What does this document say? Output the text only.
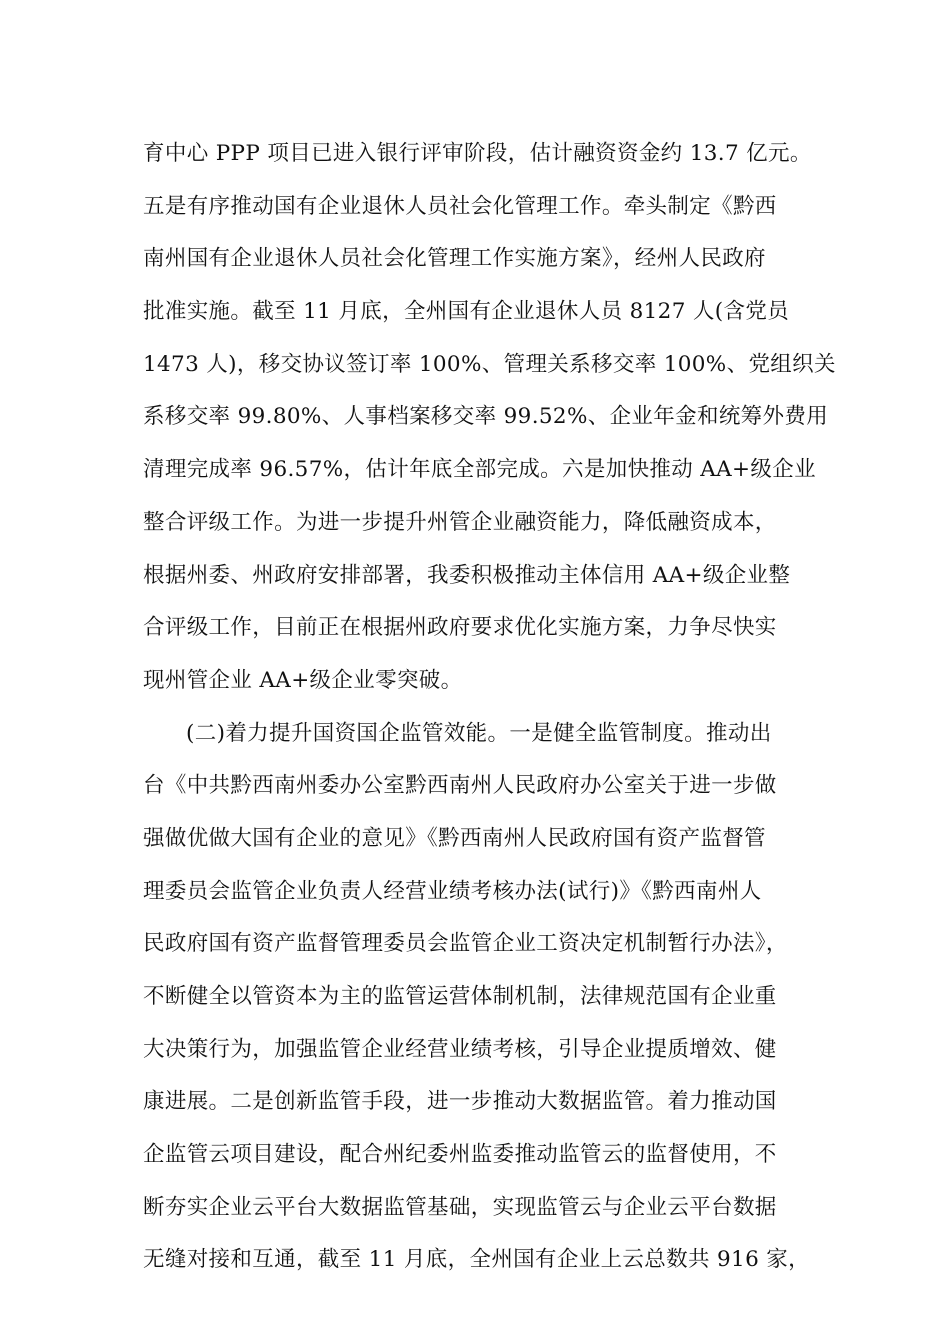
育中心 PPP 项目已进入银行评审阶段，估计融资资金约 13.7 亿元。
五是有序推动国有企业退休人员社会化管理工作。牵头制定《黔西
南州国有企业退休人员社会化管理工作实施方案》，经州人民政府
批准实施。截至 11 月底，全州国有企业退休人员 8127 人(含党员
1473 人)，移交协议签订率 100%、管理关系移交率 100%、党组织关
系移交率 99.80%、人事档案移交率 99.52%、企业年金和统筹外费用
清理完成率 96.57%，估计年底全部完成。六是加快推动 AA+级企业
整合评级工作。为进一步提升州管企业融资能力，降低融资成本，
根据州委、州政府安排部署，我委积极推动主体信用 AA+级企业整
合评级工作，目前正在根据州政府要求优化实施方案，力争尽快实
现州管企业 AA+级企业零突破。
(二)着力提升国资国企监管效能。一是健全监管制度。推动出
台《中共黔西南州委办公室黔西南州人民政府办公室关于进一步做
强做优做大国有企业的意见》《黔西南州人民政府国有资产监督管
理委员会监管企业负责人经营业绩考核办法(试行)》《黔西南州人
民政府国有资产监督管理委员会监管企业工资决定机制暂行办法》，
不断健全以管资本为主的监管运营体制机制，法律规范国有企业重
大决策行为，加强监管企业经营业绩考核，引导企业提质增效、健
康进展。二是创新监管手段，进一步推动大数据监管。着力推动国
企监管云项目建设，配合州纪委州监委推动监管云的监督使用，不
断夯实企业云平台大数据监管基础，实现监管云与企业云平台数据
无缝对接和互通，截至 11 月底，全州国有企业上云总数共 916 家，
